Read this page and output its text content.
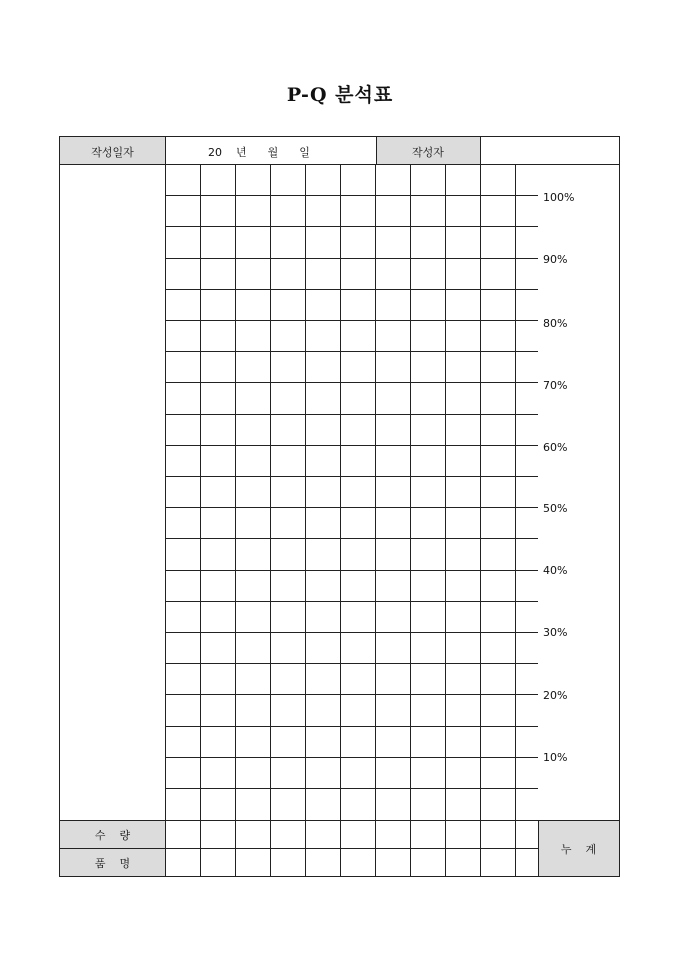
P-Q 분석표
작성일자	20    년      월      일	작성자
수    량
품    명
누    계
100%
90%
80%
70%
60%
50%
40%
30%
20%
10%
